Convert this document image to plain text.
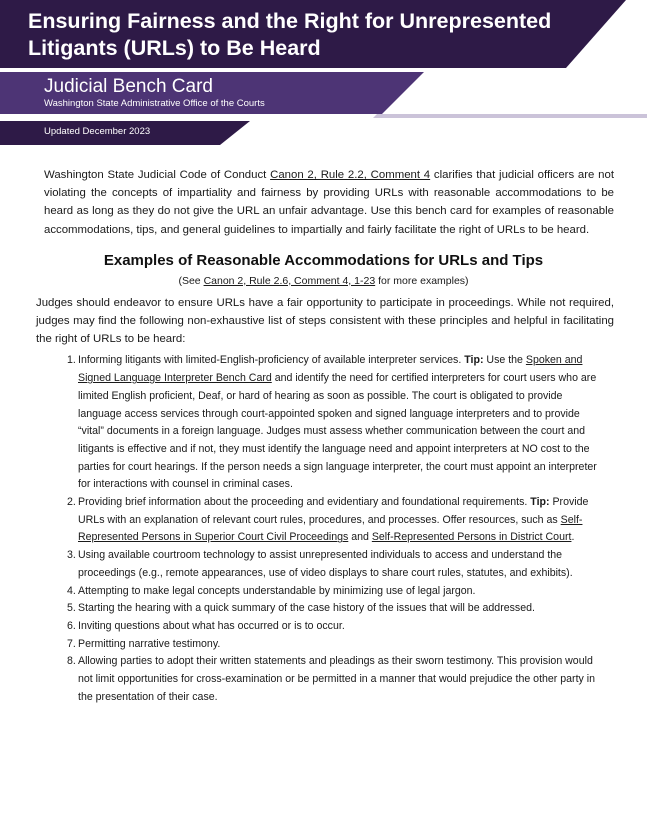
Ensuring Fairness and the Right for Unrepresented Litigants (URLs) to Be Heard
Judicial Bench Card

Washington State Administrative Office of the Courts

Updated December 2023

Washington State Judicial Code of Conduct Canon 2, Rule 2.2, Comment 4 clarifies that judicial officers are not violating the concepts of impartiality and fairness by providing URLs with reasonable accommodations to be heard as long as they do not give the URL an unfair advantage. Use this bench card for examples of reasonable accommodations, tips, and general guidelines to impartially and fairly facilitate the right of URLs to be heard.

Examples of Reasonable Accommodations for URLs and Tips

(See Canon 2, Rule 2.6, Comment 4, 1-23 for more examples)

Judges should endeavor to ensure URLs have a fair opportunity to participate in proceedings. While not required, judges may find the following non-exhaustive list of steps consistent with these principles and helpful in facilitating the right of URLs to be heard:

1. Informing litigants with limited-English-proficiency of available interpreter services. Tip: Use the Spoken and Signed Language Interpreter Bench Card and identify the need for certified interpreters for court users who are limited English proficient, Deaf, or hard of hearing as soon as possible. The court is obligated to provide language access services through court-appointed spoken and signed language interpreters and to provide “vital” documents in a foreign language. Judges must assess whether communication between the court and litigants is effective and if not, they must identify the language need and appoint interpreters at NO cost to the parties for court hearings. If the person needs a sign language interpreter, the court must appoint an interpreter for interactions with counsel in criminal cases.
2. Providing brief information about the proceeding and evidentiary and foundational requirements. Tip: Provide URLs with an explanation of relevant court rules, procedures, and processes. Offer resources, such as Self-Represented Persons in Superior Court Civil Proceedings and Self-Represented Persons in District Court.
3. Using available courtroom technology to assist unrepresented individuals to access and understand the proceedings (e.g., remote appearances, use of video displays to share court rules, statutes, and exhibits).
4. Attempting to make legal concepts understandable by minimizing use of legal jargon.
5. Starting the hearing with a quick summary of the case history of the issues that will be addressed.
6. Inviting questions about what has occurred or is to occur.
7. Permitting narrative testimony.
8. Allowing parties to adopt their written statements and pleadings as their sworn testimony. This provision would not limit opportunities for cross-examination or be permitted in a manner that would prejudice the other party in the presentation of their case.
